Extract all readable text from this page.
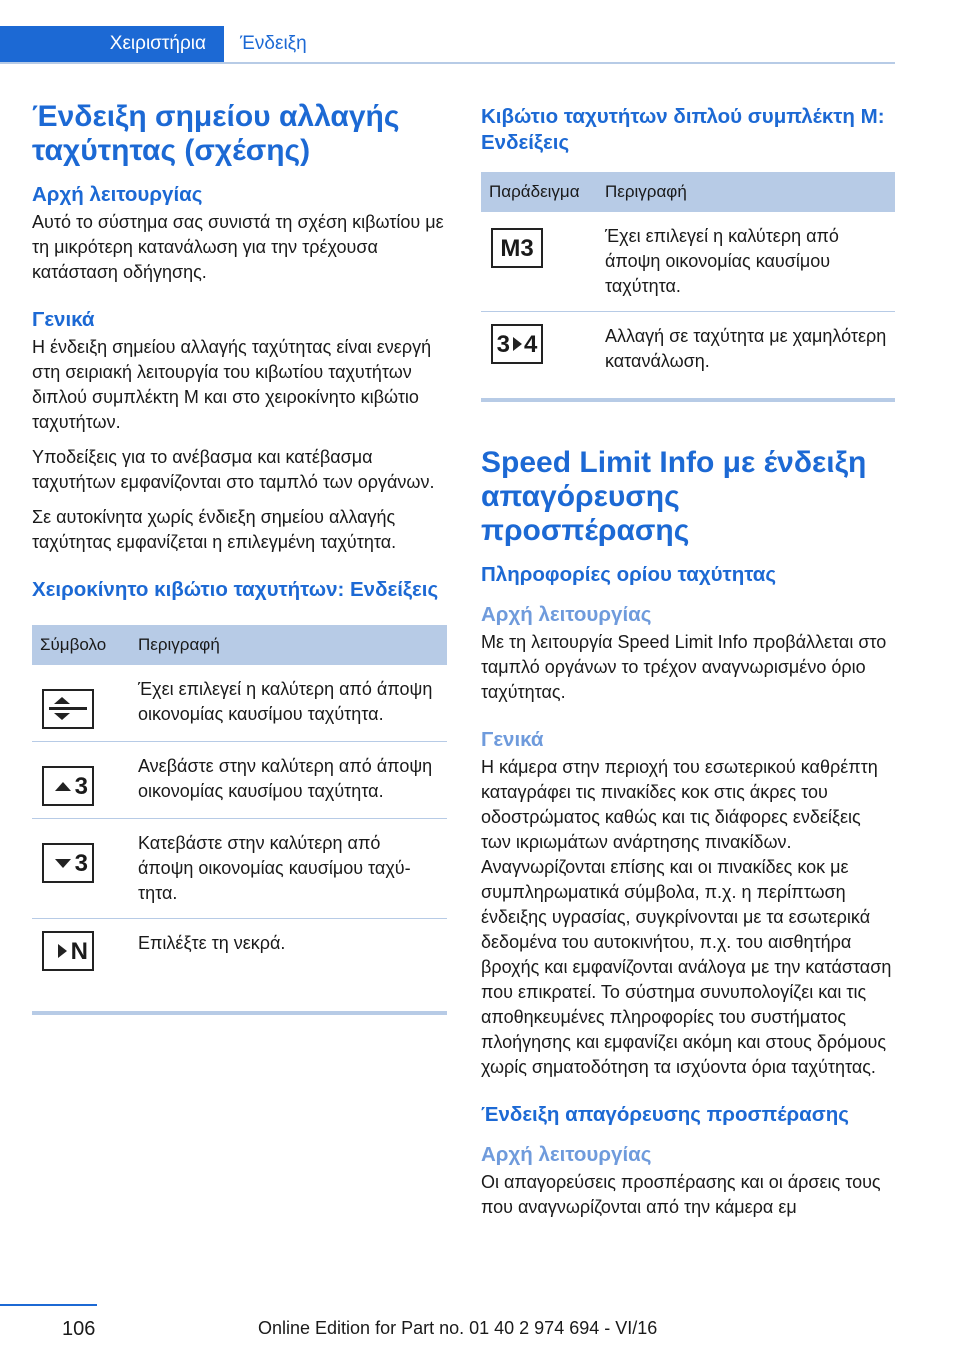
Χειριστήρια	Ένδειξη
Ένδειξη σημείου αλλαγής ταχύτητας (σχέσης)
Αρχή λειτουργίας

Αυτό το σύστημα σας συνιστά τη σχέση κιβωτίου με τη μικρότερη κατανάλωση για την τρέχουσα κατάσταση οδήγησης.

Γενικά

Η ένδειξη σημείου αλλαγής ταχύτητας είναι ενεργή στη σειριακή λειτουργία του κιβωτίου ταχυτήτων διπλού συμπλέκτη M και στο χειροκίνητο κιβώτιο ταχυτήτων.

Υποδείξεις για το ανέβασμα και κατέβασμα ταχυτήτων εμφανίζονται στο ταμπλό των οργάνων.

Σε αυτοκίνητα χωρίς ένδιεξη σημείου αλλαγής ταχύτητας εμφανίζεται η επιλεγμένη ταχύτητα.

Χειροκίνητο κιβώτιο ταχυτήτων: Ενδείξεις
Σύμβολο	Περιγραφή

	Έχει επιλεγεί η καλύτερη από άποψη οικονομίας καυσίμου ταχύτητα.

3	Ανεβάστε στην καλύτερη από άποψη οικονομίας καυσίμου ταχύτητα.

3	Κατεβάστε στην καλύτερη από άποψη οικονομίας καυσίμου ταχύτητα.

N	Επιλέξτε τη νεκρά.
Κιβώτιο ταχυτήτων διπλού συμπλέκτη M: Ενδείξεις
Παράδειγμα	Περιγραφή

M3	Έχει επιλεγεί η καλύτερη από άποψη οικονομίας καυσίμου ταχύτητα.

3 4	Αλλαγή σε ταχύτητα με χαμηλότερη κατανάλωση.
Speed Limit Info με ένδειξη απαγόρευσης προσπέρασης
Πληροφορίες ορίου ταχύτητας
Αρχή λειτουργίας

Με τη λειτουργία Speed Limit Info προβάλλεται στο ταμπλό οργάνων το τρέχον αναγνωρισμένο όριο ταχύτητας.

Γενικά

Η κάμερα στην περιοχή του εσωτερικού καθρέπτη καταγράφει τις πινακίδες κοκ στις άκρες του οδοστρώματος καθώς και τις διάφορες ενδείξεις των ικριωμάτων ανάρτησης πινακίδων. Αναγνωρίζονται επίσης και οι πινακίδες κοκ με συμπληρωματικά σύμβολα, π.χ. η περίπτωση ένδειξης υγρασίας, συγκρίνονται με τα εσωτερικά δεδομένα του αυτοκινήτου, π.χ. του αισθητήρα βροχής και εμφανίζονται ανάλογα με την κατάσταση που επικρατεί. Το σύστημα συνυπολογίζει και τις αποθηκευμένες πληροφορίες του συστήματος πλοήγησης και εμφανίζει ακόμη και στους δρόμους χωρίς σηματοδότηση τα ισχύοντα όρια ταχύτητας.

Ένδειξη απαγόρευσης προσπέρασης
Αρχή λειτουργίας

Οι απαγορεύσεις προσπέρασης και οι άρσεις τους που αναγνωρίζονται από την κάμερα εμ

106	Online Edition for Part no. 01 40 2 974 694 - VI/16
